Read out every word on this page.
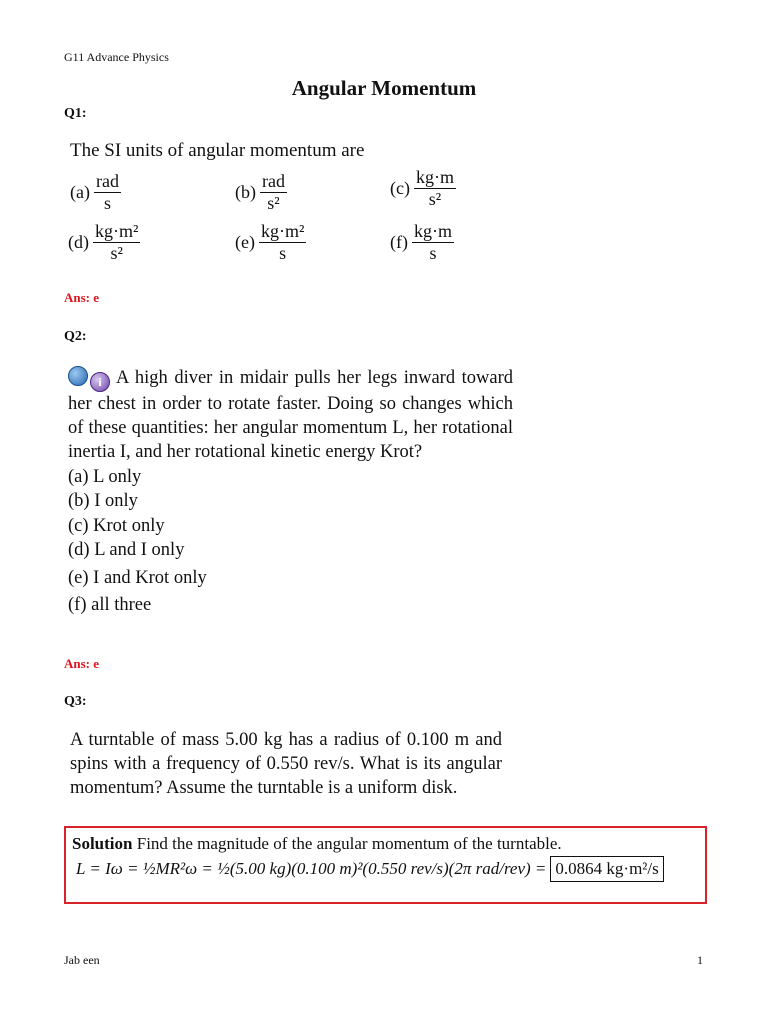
G11 Advance Physics
Angular Momentum
Q1:
The SI units of angular momentum are
$(a) \frac{\text{rad}}{s}$	$(b) \frac{\text{rad}}{\text{s²}}$	$(c) \frac{kg\cdot m}{\text{s²}}$
$(d) \frac{\text{kg·m²}}{\text{s²}}$	$(e) \frac{\text{kg·m²}}{s}$	$(f) \frac{kg\cdot m}{s}$
Ans: e
Q2:

i A high diver in midair pulls her legs inward toward her chest in order to rotate faster. Doing so changes which of these quantities: her angular momentum L, her rotational inertia I, and her rotational kinetic energy Krot?

(a) L only
(b) I only
(c) Krot only
(d) L and I only
(e) I and Krot only
(f) all three
Ans: e
Q3:
A turntable of mass 5.00 kg has a radius of 0.100 m and spins with a frequency of 0.550 rev/s. What is its angular momentum? Assume the turntable is a uniform disk.
Solution Find the magnitude of the angular momentum of the turntable.
L = Iω = ½MR²ω = ½(5.00 kg)(0.100 m)²(0.550 rev/s)(2π rad/rev) = 0.0864 kg·m²/s
Jab een	1
